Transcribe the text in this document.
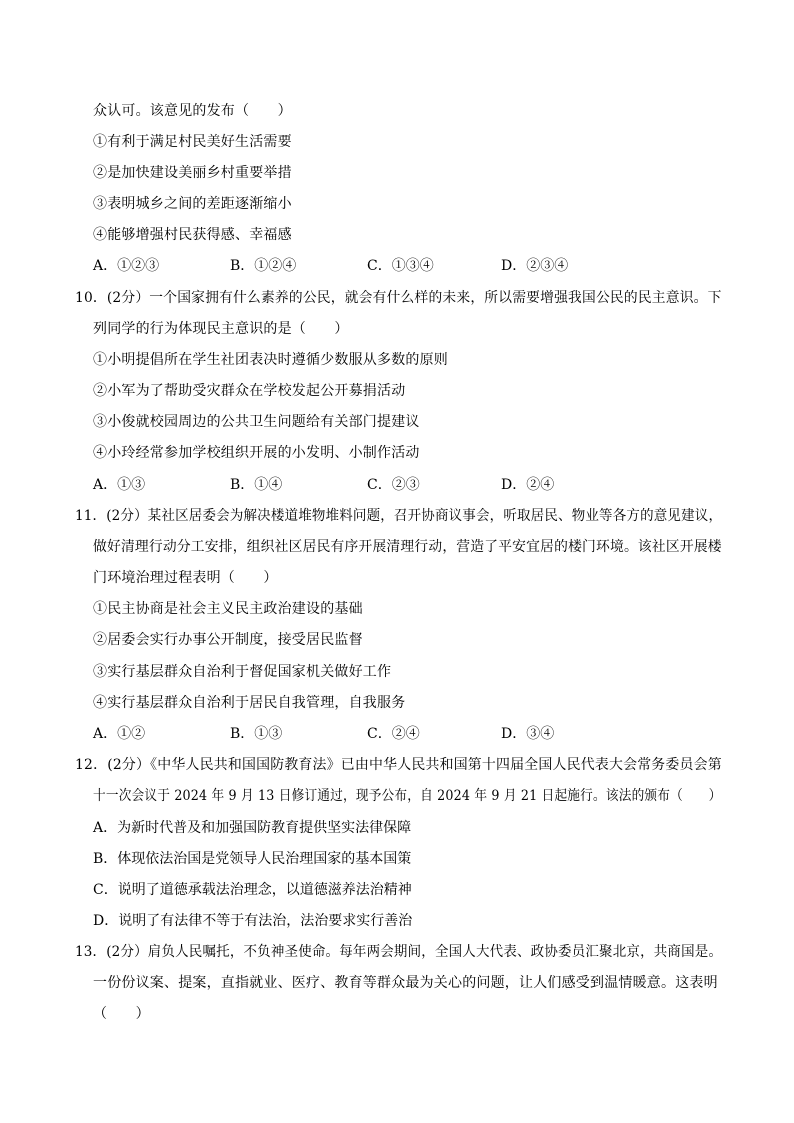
众认可。该意见的发布（　　）
①有利于满足村民美好生活需要
②是加快建设美丽乡村重要举措
③表明城乡之间的差距逐渐缩小
④能够增强村民获得感、幸福感
A．①②③	B．①②④	C．①③④	D．②③④
10．(2分）一个国家拥有什么素养的公民，就会有什么样的未来，所以需要增强我国公民的民主意识。下
列同学的行为体现民主意识的是（　　）
①小明提倡所在学生社团表决时遵循少数服从多数的原则
②小军为了帮助受灾群众在学校发起公开募捐活动
③小俊就校园周边的公共卫生问题给有关部门提建议
④小玲经常参加学校组织开展的小发明、小制作活动
A．①③	B．①④	C．②③	D．②④
11．(2分）某社区居委会为解决楼道堆物堆料问题，召开协商议事会，听取居民、物业等各方的意见建议，
做好清理行动分工安排，组织社区居民有序开展清理行动，营造了平安宜居的楼门环境。该社区开展楼
门环境治理过程表明（　　）
①民主协商是社会主义民主政治建设的基础
②居委会实行办事公开制度，接受居民监督
③实行基层群众自治利于督促国家机关做好工作
④实行基层群众自治利于居民自我管理，自我服务
A．①②	B．①③	C．②④	D．③④
12．(2分）《中华人民共和国国防教育法》已由中华人民共和国第十四届全国人民代表大会常务委员会第
十一次会议于 2024 年 9 月 13 日修订通过，现予公布，自 2024 年 9 月 21 日起施行。该法的颁布（　　）
A．为新时代普及和加强国防教育提供坚实法律保障
B．体现依法治国是党领导人民治理国家的基本国策
C．说明了道德承载法治理念，以道德滋养法治精神
D．说明了有法律不等于有法治，法治要求实行善治
13．(2分）肩负人民嘱托，不负神圣使命。每年两会期间，全国人大代表、政协委员汇聚北京，共商国是。
一份份议案、提案，直指就业、医疗、教育等群众最为关心的问题，让人们感受到温情暖意。这表明
（　　）
